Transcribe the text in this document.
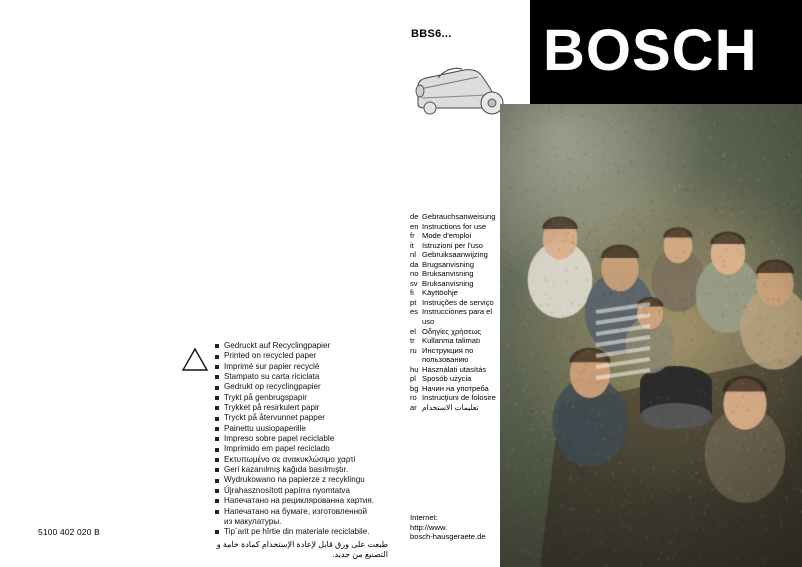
Gedruckt auf Recyclingpapier
Printed on recycled paper
Imprimé sur papier recyclé
Stampato su carta riciclata
Gedrukt op recyclingpapier
Trykt på genbrugspapir
Trykket på resirkulert papir
Tryckt på återvunnet papper
Painettu uusiopaperille
Impreso sobre papel reciclable
Imprimido em papel reciclado
Εκτυπωμένο σε ανακυκλώσιμο χαρτί
Geri kazanılmış kağıda basılmıştır.
Wydrukowano na papierze z recyklingu
Újrahasznosított papírra nyomtatva
Напечатано на рециклярованна хартия.
Напечатано на бумаге, изготовленной
из макулатуры.
Tip¨arit pe hîrtie din materiale reciclabile.
طبعت على ورق قابل لإعادة الإستخدام كمادة خامة و التصنيع من جديد.
5100 402 020 B
BBS6... BOSCH
de Gebrauchsanweisung
en Instructions for use
fr Mode d'emploi
it	Istruzioni per l'uso
nl Gebruiksaanwijzing
da Brugsanvisning
no Bruksanvisning
sv Bruksanvisning
fi	Käyttöohje
pt Instruções de serviço
es Instrucciones para el
uso
el Οδηγίες χρήσεως
tr Kullanma talimatı
ru Инструкция по
пользованию
hu Használati utasítás
pl Sposób użycia
bg Начин на употреба
ro Instrucţiuni de folosire
ar تعليمات الاستخدام
Internet:
http://www.
bosch-hausgeraete.de
